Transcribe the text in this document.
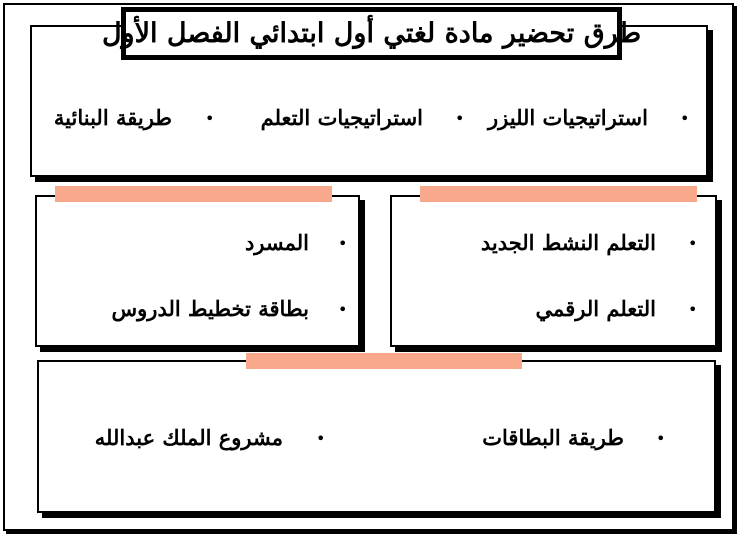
طرق تحضير مادة لغتي أول ابتدائي الفصل الأول
•
استراتيجيات الليزر
•
استراتيجيات التعلم
•
طريقة البنائية
•
التعلم النشط الجديد
•
التعلم الرقمي
•
المسرد
•
بطاقة تخطيط الدروس
•
طريقة البطاقات
•
مشروع الملك عبدالله
